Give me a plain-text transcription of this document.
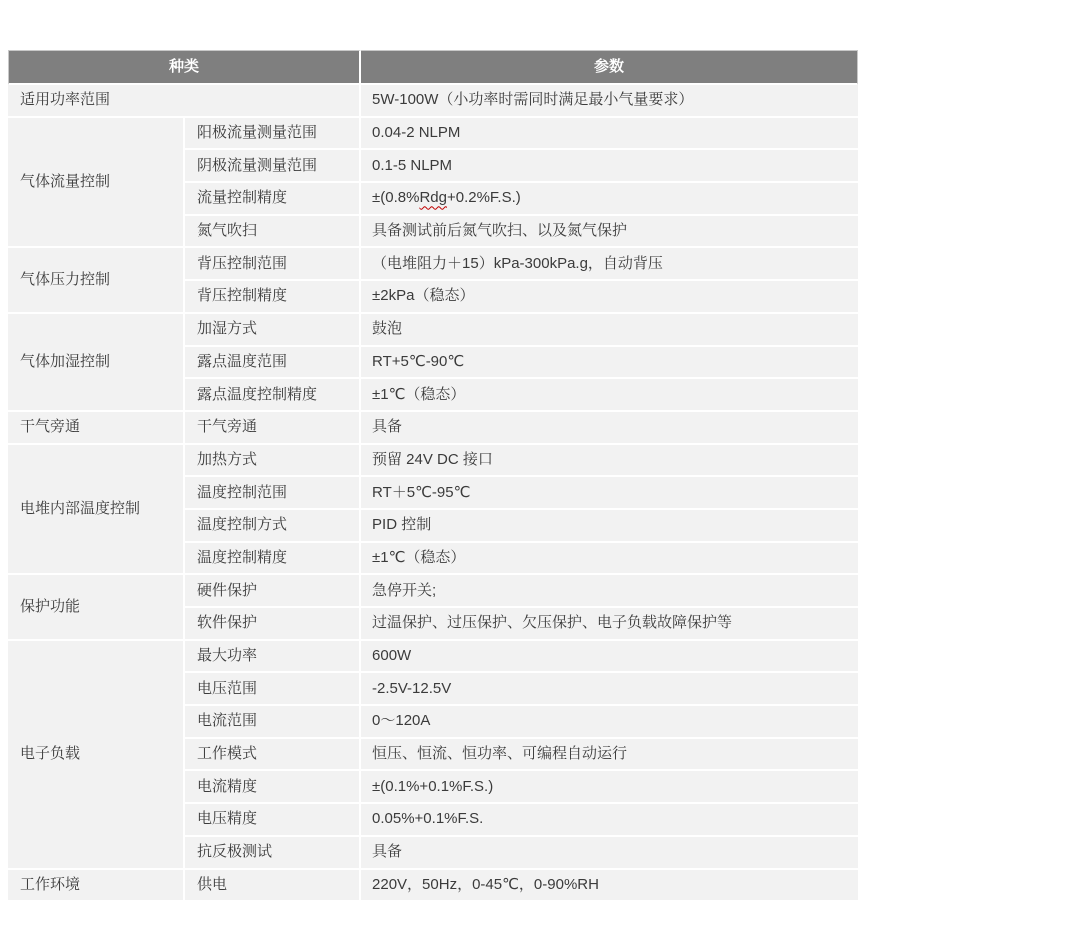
种类		参数
适用功率范围		5W-100W（小功率时需同时满足最小气量要求）
气体流量控制	阳极流量测量范围	0.04-2 NLPM
	阴极流量测量范围	0.1-5 NLPM
	流量控制精度	±(0.8%Rdg+0.2%F.S.)
	氮气吹扫	具备测试前后氮气吹扫、以及氮气保护
气体压力控制	背压控制范围	（电堆阻力＋15）kPa-300kPa.g，自动背压
	背压控制精度	±2kPa（稳态）
气体加湿控制	加湿方式	鼓泡
	露点温度范围	RT+5℃-90℃
	露点温度控制精度	±1℃（稳态）
干气旁通	干气旁通	具备
电堆内部温度控制	加热方式	预留 24V DC 接口
	温度控制范围	RT＋5℃-95℃
	温度控制方式	PID 控制
	温度控制精度	±1℃（稳态）
保护功能	硬件保护	急停开关;
	软件保护	过温保护、过压保护、欠压保护、电子负载故障保护等
电子负载	最大功率	600W
	电压范围	-2.5V-12.5V
	电流范围	0～120A
	工作模式	恒压、恒流、恒功率、可编程自动运行
	电流精度	±(0.1%+0.1%F.S.)
	电压精度	0.05%+0.1%F.S.
	抗反极测试	具备
工作环境	供电	220V，50Hz，0-45℃，0-90%RH
